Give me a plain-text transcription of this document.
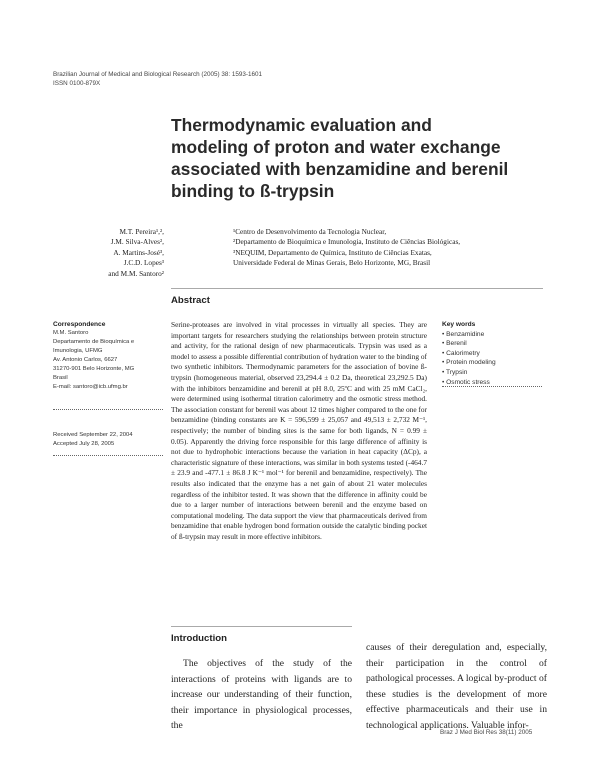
Brazilian Journal of Medical and Biological Research (2005) 38: 1593-1601
ISSN 0100-879X
Thermodynamic evaluation and modeling of proton and water exchange associated with benzamidine and berenil binding to ß-trypsin
M.T. Pereira¹,²,
J.M. Silva-Alves²,
A. Martins-José³,
J.C.D. Lopes³
and M.M. Santoro²
¹Centro de Desenvolvimento da Tecnologia Nuclear,
²Departamento de Bioquímica e Imunologia, Instituto de Ciências Biológicas,
³NEQUIM, Departamento de Química, Instituto de Ciências Exatas,
Universidade Federal de Minas Gerais, Belo Horizonte, MG, Brasil
Abstract
Serine-proteases are involved in vital processes in virtually all species. They are important targets for researchers studying the relationships between protein structure and activity, for the rational design of new pharmaceuticals. Trypsin was used as a model to assess a possible differential contribution of hydration water to the binding of two synthetic inhibitors. Thermodynamic parameters for the association of bovine ß-trypsin (homogeneous material, observed 23,294.4 ± 0.2 Da, theoretical 23,292.5 Da) with the inhibitors benzamidine and berenil at pH 8.0, 25ºC and with 25 mM CaCl₂, were determined using isothermal titration calorimetry and the osmotic stress method. The association constant for berenil was about 12 times higher compared to the one for benzamidine (binding constants are K = 596,599 ± 25,057 and 49,513 ± 2,732 M⁻¹, respectively; the number of binding sites is the same for both ligands, N = 0.99 ± 0.05). Apparently the driving force responsible for this large difference of affinity is not due to hydrophobic interactions because the variation in heat capacity (ΔCp), a characteristic signature of these interactions, was similar in both systems tested (-464.7 ± 23.9 and -477.1 ± 86.8 J K⁻¹ mol⁻¹ for berenil and benzamidine, respectively). The results also indicated that the enzyme has a net gain of about 21 water molecules regardless of the inhibitor tested. It was shown that the difference in affinity could be due to a larger number of interactions between berenil and the enzyme based on computational modeling. The data support the view that pharmaceuticals derived from benzamidine that enable hydrogen bond formation outside the catalytic binding pocket of ß-trypsin may result in more effective inhibitors.
Correspondence
M.M. Santoro
Departamento de Bioquímica e
Imunologia, UFMG
Av. Antonio Carlos, 6627
31270-901 Belo Horizonte, MG
Brasil
E-mail: santoro@icb.ufmg.br
Received September 22, 2004
Accepted July 28, 2005
Key words
• Benzamidine
• Berenil
• Calorimetry
• Protein modeling
• Trypsin
• Osmotic stress
Introduction
The objectives of the study of the interactions of proteins with ligands are to increase our understanding of their function, their importance in physiological processes, the
causes of their deregulation and, especially, their participation in the control of pathological processes. A logical by-product of these studies is the development of more effective pharmaceuticals and their use in technological applications. Valuable infor-
Braz J Med Biol Res 38(11) 2005
